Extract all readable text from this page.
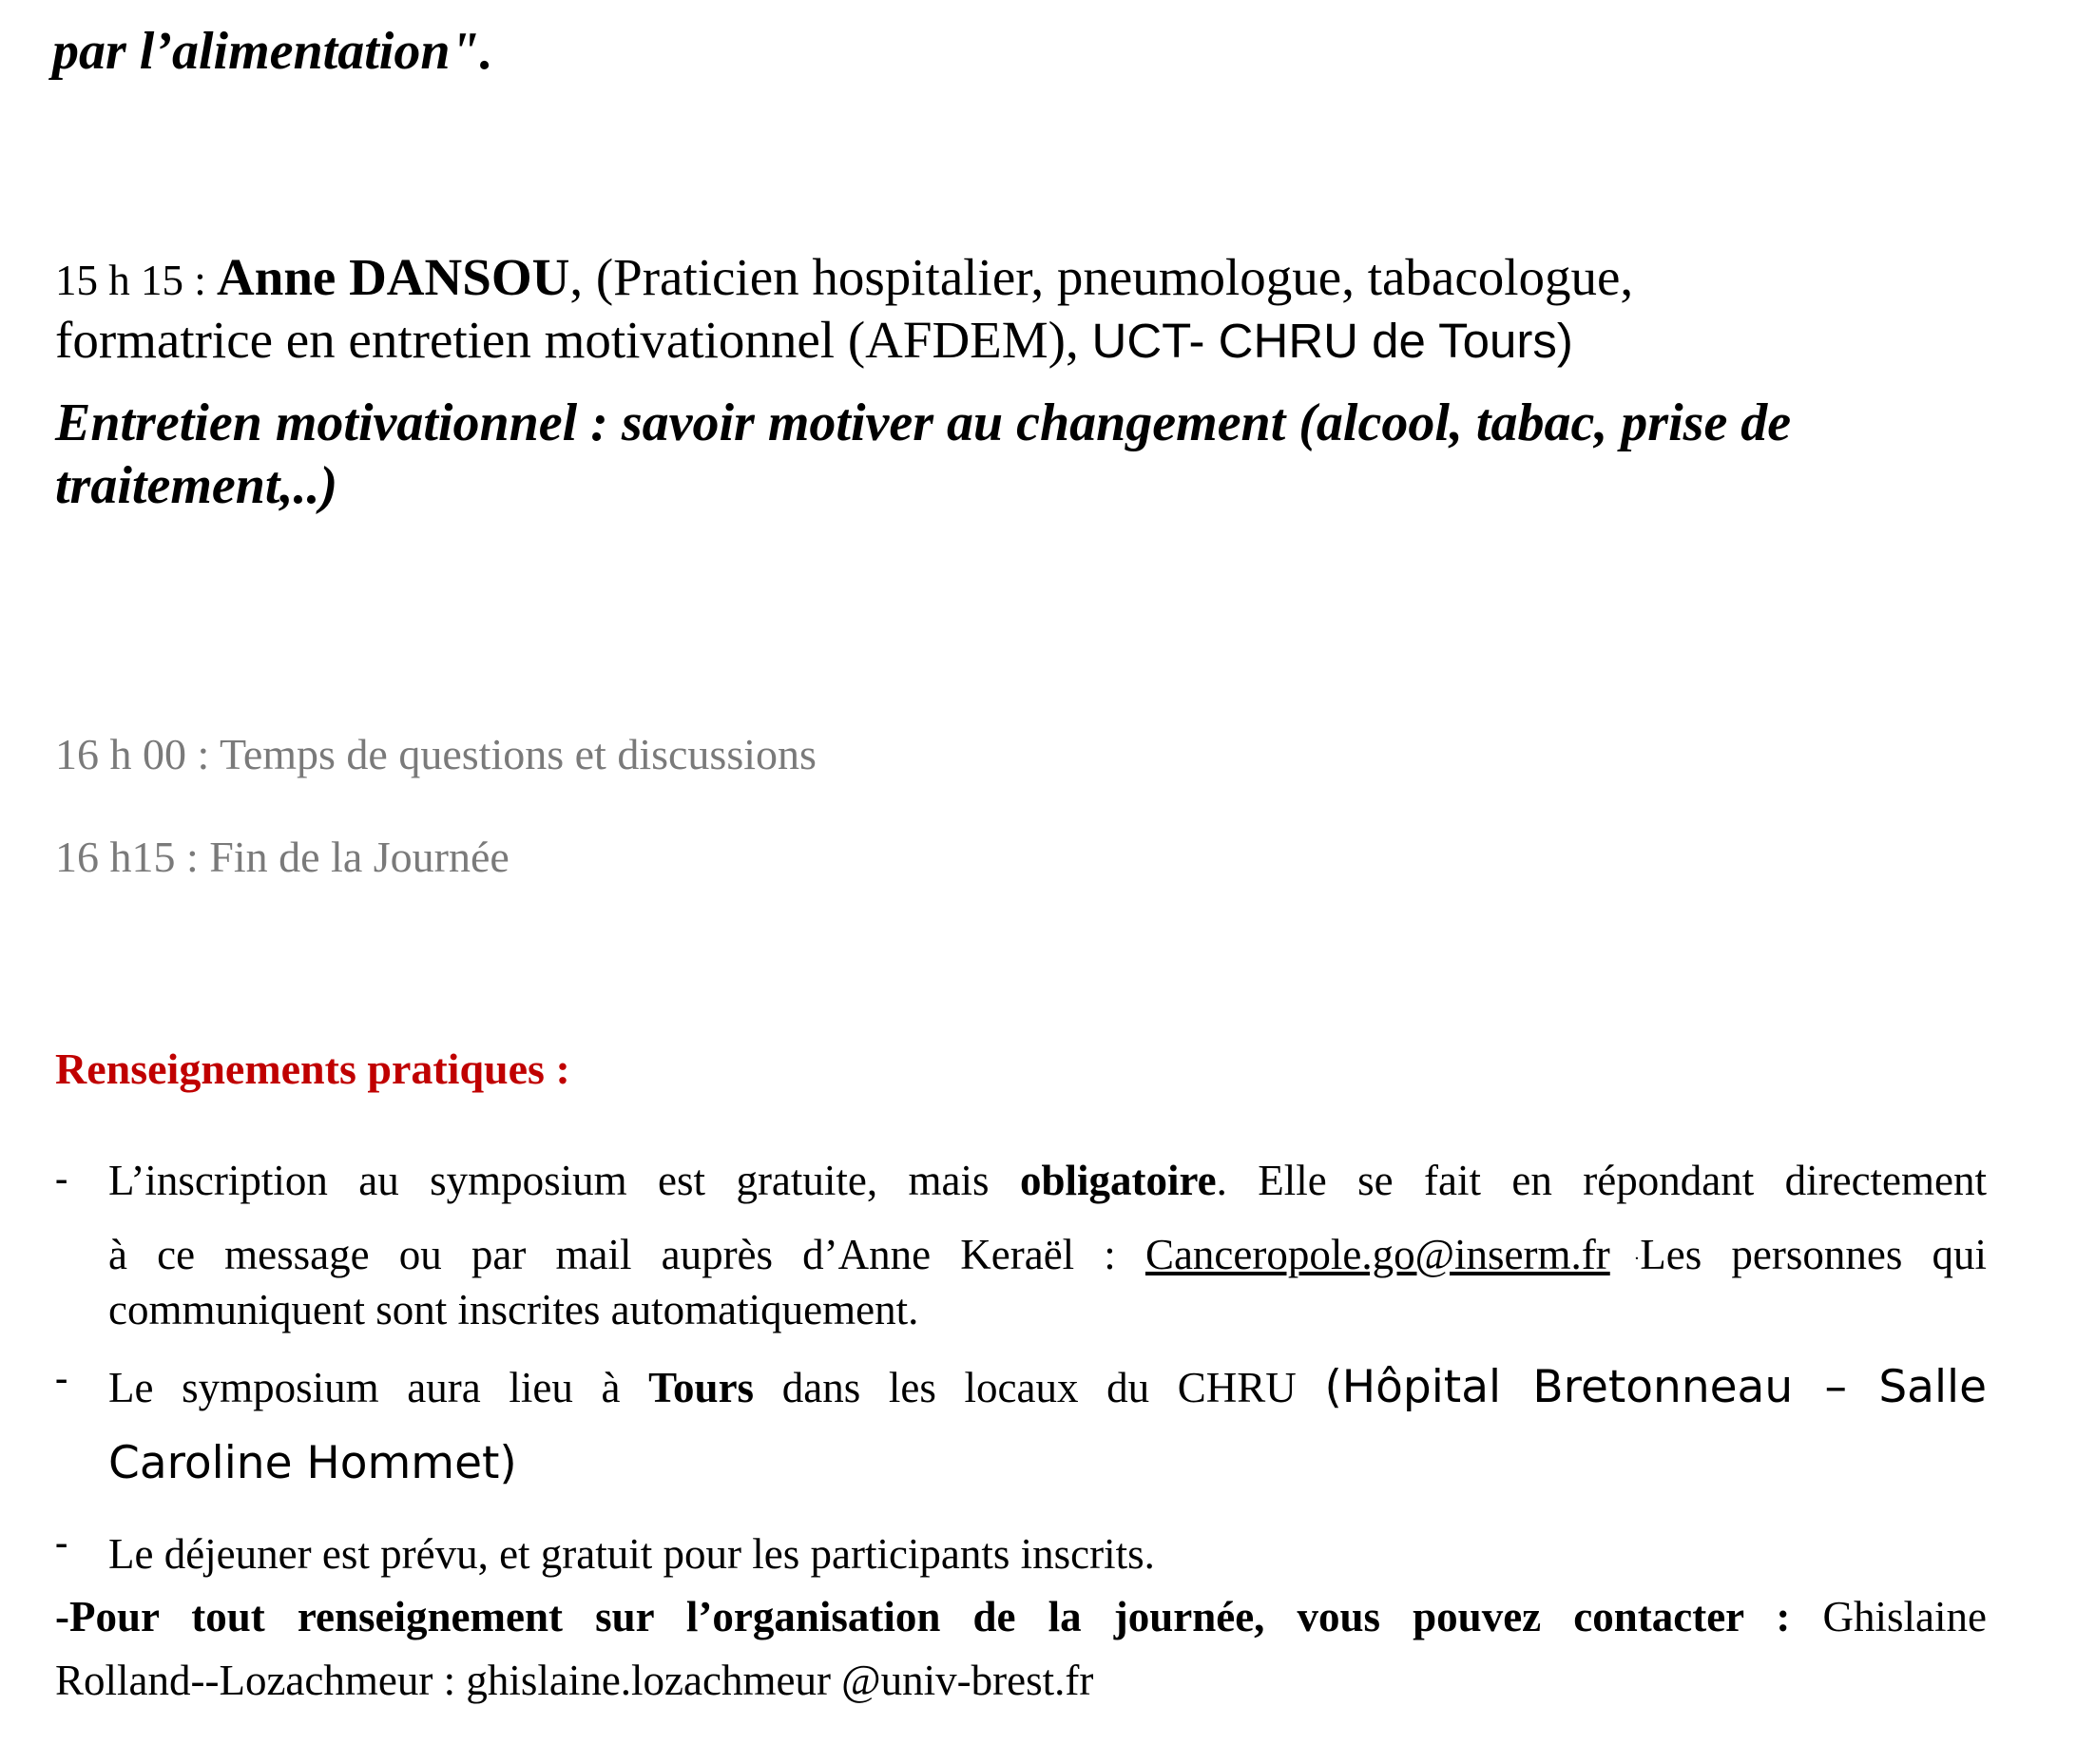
par l’alimentation".

15 h 15 : Anne DANSOU, (Praticien hospitalier, pneumologue, tabacologue,

formatrice en entretien motivationnel (AFDEM), UCT- CHRU de Tours)

Entretien motivationnel : savoir motiver au changement (alcool, tabac, prise de traitement,..)

16 h 00 : Temps de questions et discussions

16 h15 : Fin de la Journée

Renseignements pratiques :

- L’inscription au symposium est gratuite, mais obligatoire. Elle se fait en répondant directement

à ce message ou par mail auprès d’Anne Keraël : Canceropole.go@inserm.fr ·Les personnes qui

communiquent sont inscrites automatiquement.

- Le symposium aura lieu à Tours dans les locaux du CHRU (Hôpital Bretonneau – Salle

Caroline Hommet)

- Le déjeuner est prévu, et gratuit pour les participants inscrits.

-Pour tout renseignement sur l’organisation de la journée, vous pouvez contacter : Ghislaine

Rolland--Lozachmeur : ghislaine.lozachmeur @univ-brest.fr
